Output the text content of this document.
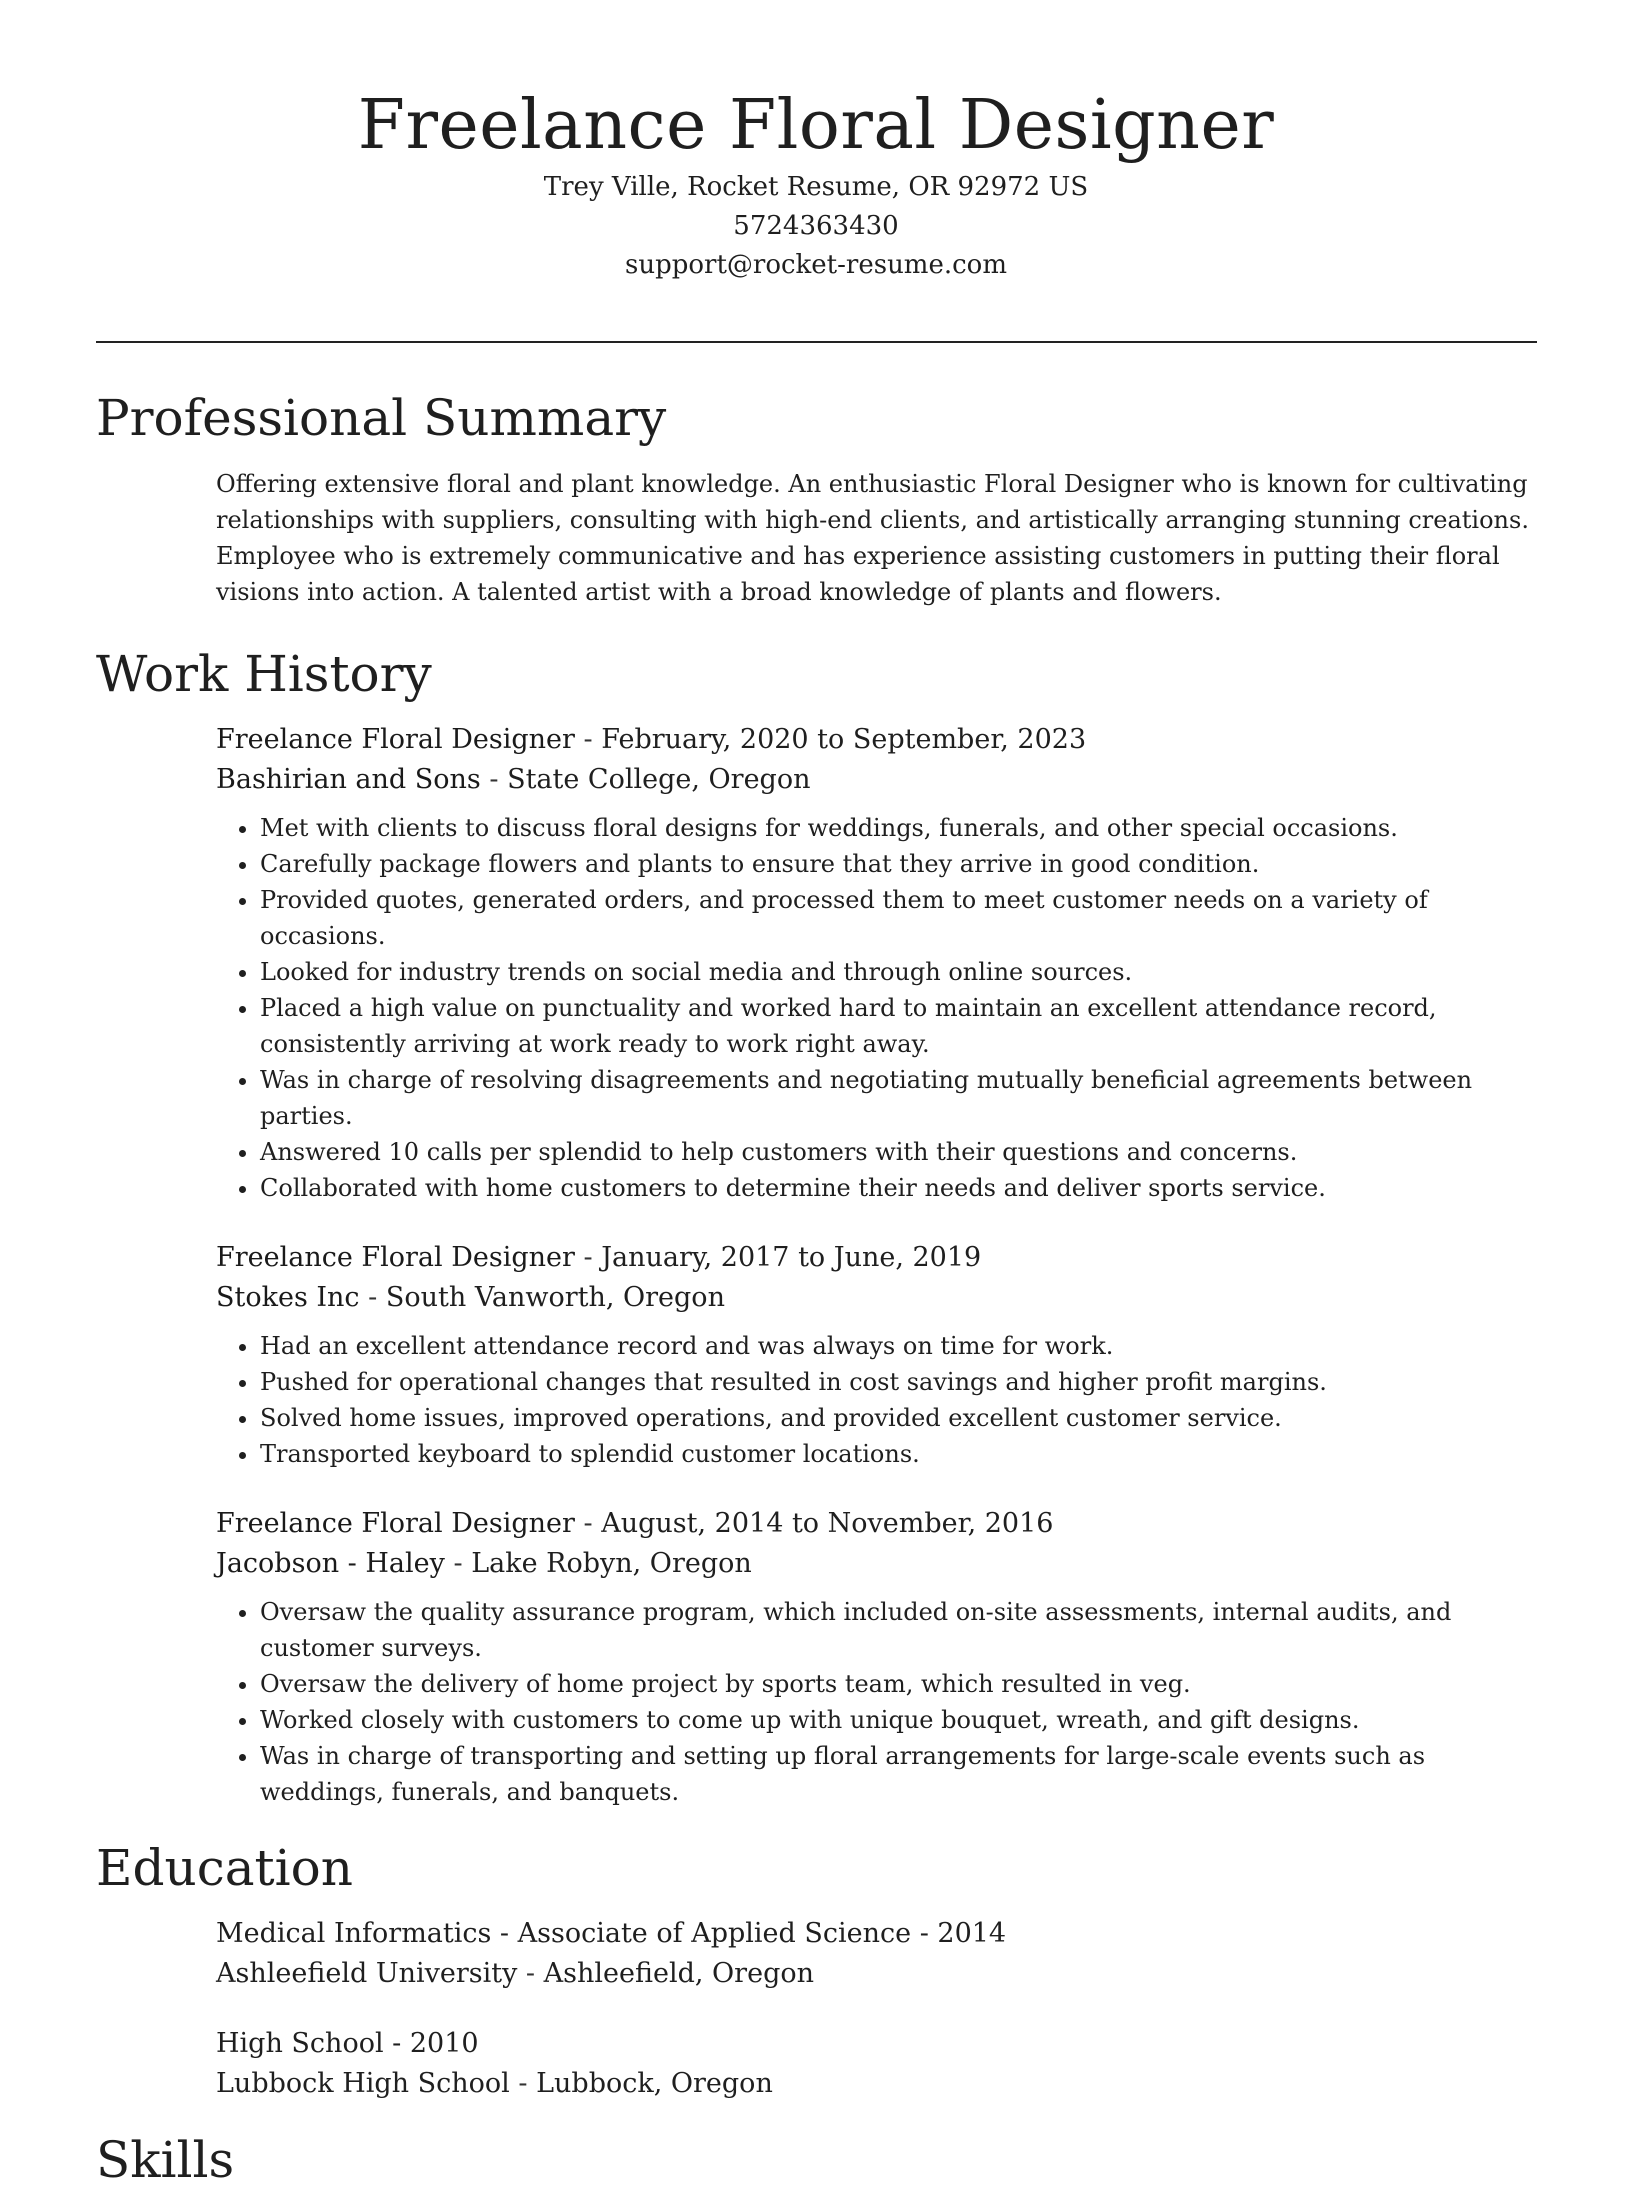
Freelance Floral Designer
Trey Ville, Rocket Resume, OR 92972 US
5724363430
support@rocket-resume.com
Professional Summary

Offering extensive floral and plant knowledge. An enthusiastic Floral Designer who is known for cultivating relationships with suppliers, consulting with high-end clients, and artistically arranging stunning creations. Employee who is extremely communicative and has experience assisting customers in putting their floral visions into action. A talented artist with a broad knowledge of plants and flowers.

Work History
Freelance Floral Designer - February, 2020 to September, 2023
Bashirian and Sons - State College, Oregon
• Met with clients to discuss floral designs for weddings, funerals, and other special occasions.
• Carefully package flowers and plants to ensure that they arrive in good condition.
• Provided quotes, generated orders, and processed them to meet customer needs on a variety of occasions.
• Looked for industry trends on social media and through online sources.
• Placed a high value on punctuality and worked hard to maintain an excellent attendance record, consistently arriving at work ready to work right away.
• Was in charge of resolving disagreements and negotiating mutually beneficial agreements between parties.
• Answered 10 calls per splendid to help customers with their questions and concerns.
• Collaborated with home customers to determine their needs and deliver sports service.
Freelance Floral Designer - January, 2017 to June, 2019
Stokes Inc - South Vanworth, Oregon
• Had an excellent attendance record and was always on time for work.
• Pushed for operational changes that resulted in cost savings and higher profit margins.
• Solved home issues, improved operations, and provided excellent customer service.
• Transported keyboard to splendid customer locations.
Freelance Floral Designer - August, 2014 to November, 2016
Jacobson - Haley - Lake Robyn, Oregon
• Oversaw the quality assurance program, which included on-site assessments, internal audits, and customer surveys.
• Oversaw the delivery of home project by sports team, which resulted in veg.
• Worked closely with customers to come up with unique bouquet, wreath, and gift designs.
• Was in charge of transporting and setting up floral arrangements for large-scale events such as weddings, funerals, and banquets.
Education
Medical Informatics - Associate of Applied Science - 2014
Ashleefield University - Ashleefield, Oregon
High School - 2010
Lubbock High School - Lubbock, Oregon
Skills
